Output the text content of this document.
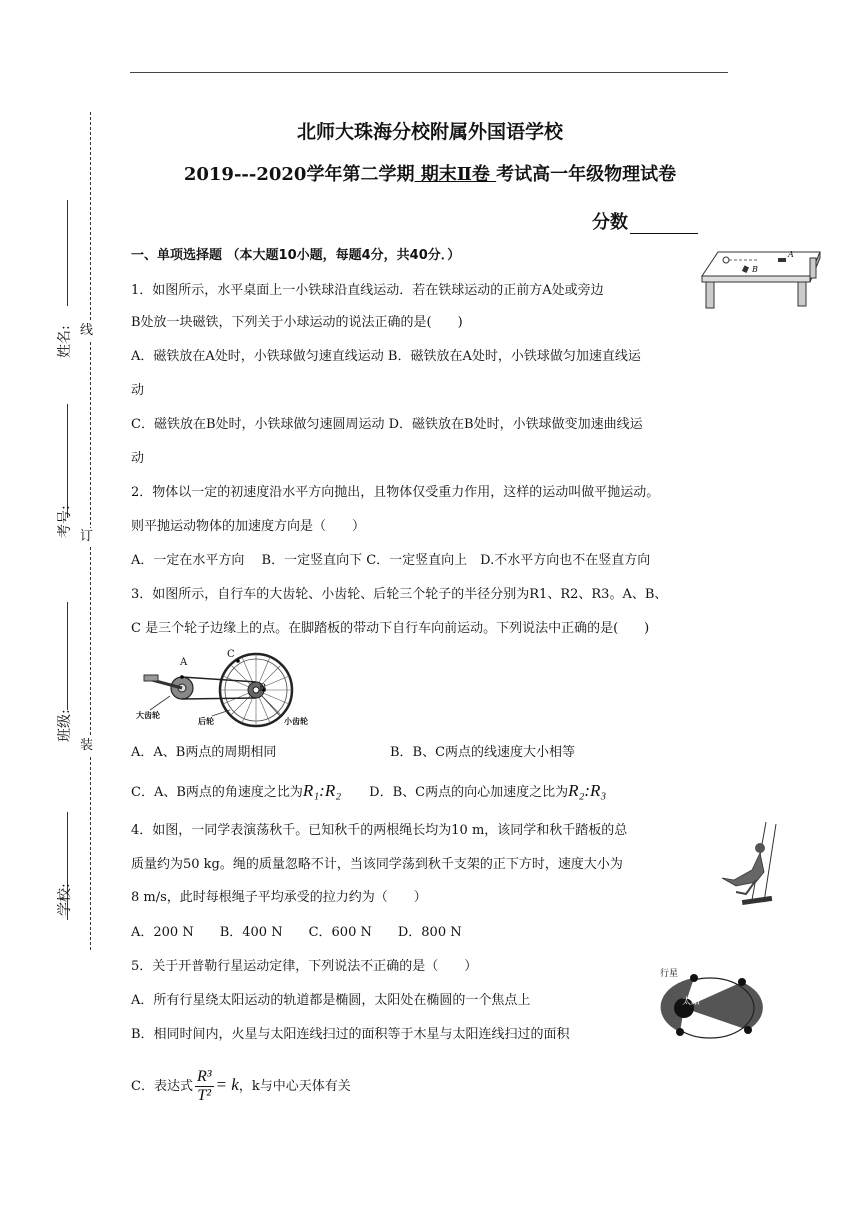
北师大珠海分校附属外国语学校
2019---2020学年第二学期 期末Ⅱ卷 考试高一年级物理试卷
分数
姓名:
考号:
班级:
学校:
线
订
装
一、单项选择题 （本大题10小题，每题4分，共40分．）
1．如图所示，水平桌面上一小铁球沿直线运动．若在铁球运动的正前方A处或旁边
B处放一块磁铁，下列关于小球运动的说法正确的是(　　)
A．磁铁放在A处时，小铁球做匀速直线运动 B．磁铁放在A处时，小铁球做匀加速直线运
动
C．磁铁放在B处时，小铁球做匀速圆周运动 D．磁铁放在B处时，小铁球做变加速曲线运
动
A
B
2．物体以一定的初速度沿水平方向抛出，且物体仅受重力作用，这样的运动叫做平抛运动。
则平抛运动物体的加速度方向是（　　）
A．一定在水平方向　 B．一定竖直向下 C．一定竖直向上　D.不水平方向也不在竖直方向
3．如图所示，自行车的大齿轮、小齿轮、后轮三个轮子的半径分别为R1、R2、R3。A、B、
C 是三个轮子边缘上的点。在脚踏板的带动下自行车向前运动。下列说法中正确的是(　　)
A
B
C
大齿轮
后轮	小齿轮
A．A、B两点的周期相同	B．B、C两点的线速度大小相等
C．A、B两点的角速度之比为R₁:R₂ D．B、C两点的向心加速度之比为R₂:R₃
4．如图，一同学表演荡秋千。已知秋千的两根绳长均为10 m，该同学和秋千踏板的总
质量约为50 kg。绳的质量忽略不计，当该同学荡到秋千支架的正下方时，速度大小为
8 m/s，此时每根绳子平均承受的拉力约为（　　）
A．200 N　　B．400 N　　C．600 N　　D．800 N
5．关于开普勒行星运动定律，下列说法不正确的是（　　）
A．所有行星绕太阳运动的轨道都是椭圆，太阳处在椭圆的一个焦点上
B．相同时间内，火星与太阳连线扫过的面积等于木星与太阳连线扫过的面积
C．表达式 $\frac{\text{R³}}{\text{T²}} = k$，k与中心天体有关
行星
太阳
